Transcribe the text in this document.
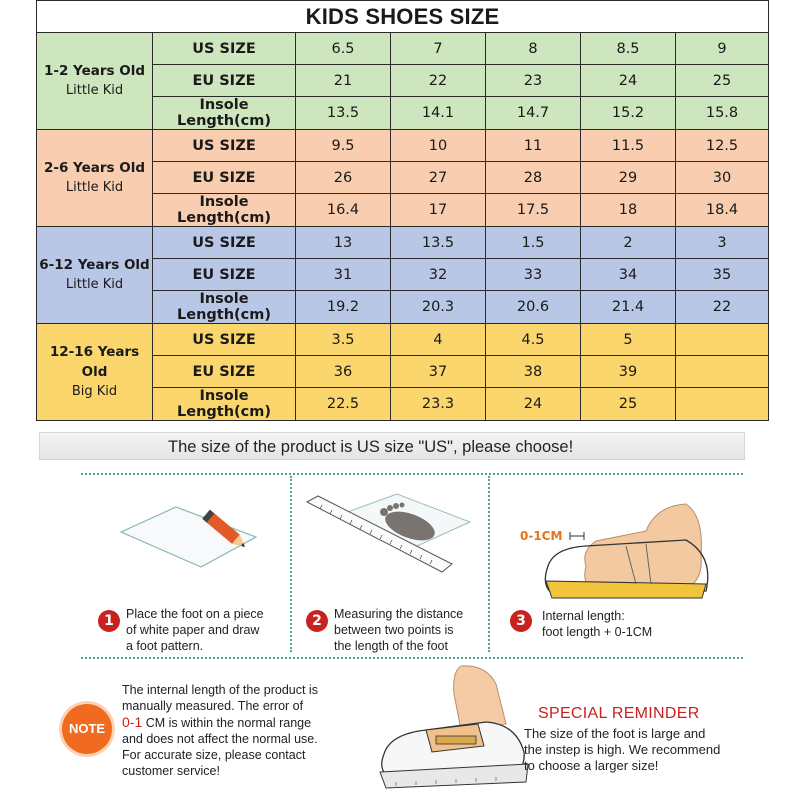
KIDS SHOES SIZE						

1-2 Years Old
Little Kid	US SIZE	6.5	7	8	8.5	9
	EU SIZE	21	22	23	24	25
	Insole Length(cm)	13.5	14.1	14.7	15.2	15.8

2-6 Years Old
Little Kid	US SIZE	9.5	10	11	11.5	12.5
	EU SIZE	26	27	28	29	30
	Insole Length(cm)	16.4	17	17.5	18	18.4

6-12 Years Old
Little Kid	US SIZE	13	13.5	1.5	2	3
	EU SIZE	31	32	33	34	35
	Insole Length(cm)	19.2	20.3	20.6	21.4	22

12-16 Years Old
Big Kid	US SIZE	3.5	4	4.5	5	
	EU SIZE	36	37	38	39	
	Insole Length(cm)	22.5	23.3	24	25	
The size of the product is US size "US", please choose!
0-1CM
1 Place the foot on a piece
of white paper and draw
a foot pattern.
2 Measuring the distance
between two points is
the length of the foot
3	Internal length:
foot length + 0-1CM
NOTE
The internal length of the product is
manually measured. The error of
0-1 CM is within the normal range
and does not affect the normal use.
For accurate size, please contact
customer service!
SPECIAL REMINDER
The size of the foot is large and
the instep is high. We recommend
to choose a larger size!
